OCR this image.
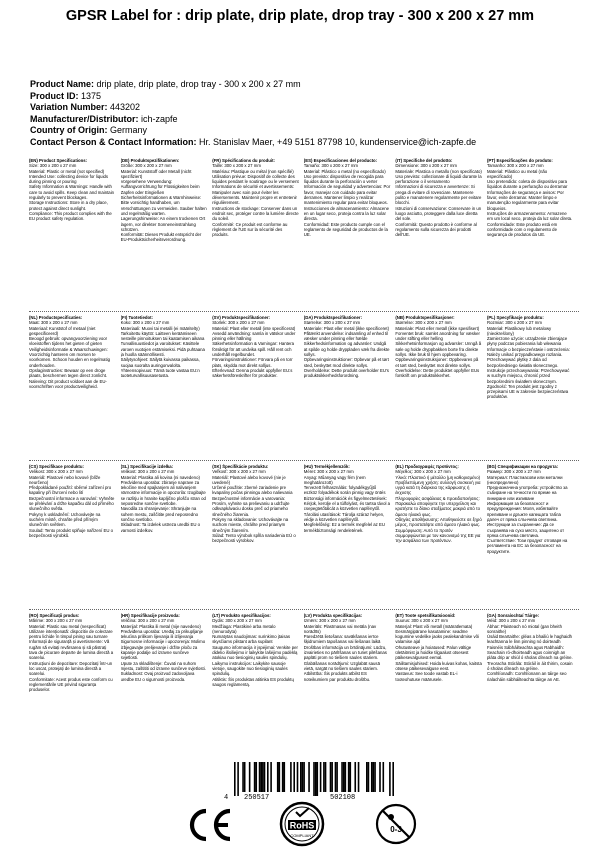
GPSR Label for : drip plate, drip plate, drop tray - 300 x 200 x 27 mm
Product Name: drip plate, drip plate, drop tray - 300 x 200 x 27 mm
Product ID: 1375
Variation Number: 443202
Manufacturer/Distributor: ich-zapfe
Country of Origin: Germany
Contact Person & Contact Information: Hr. Stanislav Maer, +49 5151 87798 10, kundenservice@ich-zapfe.de
(EN) Product Specifications:

Size: 300 x 200 x 27 mm
Material: Plastic or metal (not specified)
Intended Use: collecting device for liquids during pinning or pouring
Safety Information & Warnings: Handle with care to avoid spills. Keep clean and maintain regularly to prevent blockages.
Storage Instructions: Store in a dry place, protect against direct sunlight.
Compliance: This product complies with the EU product safety regulation.

(DE) Produktspezifikationen:

Größe: 300 x 200 x 27 mm
Material: Kunststoff oder Metall (nicht spezifiziert)
Vorgesehene Verwendung: Auffangvorrichtung für Flüssigkeiten beim Zapfen oder Eingießen
Sicherheitsinformationen & Warnhinweise: Bitte vorsichtig handhaben, um Verschüttungen zu vermeiden. Sauber halten und regelmäßig warten.
Lagerungshinweise: An einem trockenen Ort lagern, vor direkter Sonneneinstrahlung schützen.
Konformität: Dieses Produkt entspricht der EU-Produktsicherheitsverordnung.

(FR) Spécifications du produit:

Taille: 300 x 200 x 27 mm
Matériau: Plastique ou métal (non spécifié)
Utilisation prévue: Dispositif de collecte des liquides pendant le soutirage ou le versement
Informations de sécurité et avertissements: Manipuler avec soin pour éviter les déversements. Maintenir propre et entretenir régulièrement.
Instructions de stockage: Conserver dans un endroit sec, protéger contre la lumière directe du soleil.
Conformité: Ce produit est conforme au règlement de l'UE sur la sécurité des produits.

(ES) Especificaciones del producto:

Tamaño: 300 x 200 x 27 mm
Material: Plástico o metal (no especificado)
Uso previsto: dispositivo de recogida para líquidos durante la perforación o verter
Información de seguridad y advertencias: Por favor, manejar con cuidado para evitar derrames. Mantener limpio y realizar mantenimiento regular para evitar bloqueos.
Instrucciones de almacenamiento: Almacene en un lugar seco, proteja contra la luz solar directa.
Conformidad: Este producto cumple con el reglamento de seguridad de productos de la UE.

(IT) Specifiche del prodotto:

Dimensione: 300 x 200 x 27 mm
Materiale: Plastica o metallo (non specificato)
Uso previsto: collezionare di liquidi durante la perforazione o il versamento
Informazioni di sicurezza e avvertenze: Si prega di evitare di rovesciare. Mantenere pulito e manutenere regolarmente per evitare blocchi.
Istruzioni di conservazione: Conservare in un luogo asciutto, proteggere dalla luce diretta del sole.
Conformità: Questo prodotto è conforme al regolamento sulla sicurezza dei prodotti dell'UE.

(PT) Especificações do produto:

Tamanho: 300 x 200 x 27 mm
Material: Plástico ou metal (não especificado)
Uso pretendido: coleta de dispositivo para líquidos durante a perfuração ou derramar
Informações de segurança e avisos: Por favor, evite derramar. Manter limpo e manutenção regularmente para evitar bloqueios.
Instruções de armazenamento: Armazene em um local seco, proteja da luz solar direta.
Conformidade: Este produto está em conformidade com o regulamento de segurança de produtos da UE.

(NL) Productspecificaties:

Maat: 300 x 200 x 27 mm
Materiaal: Kunststof of metaal (niet gespecificeerd)
Beoogd gebruik: opvangvoorziening voor vloeistoffen tijdens het gieten of gieten
Veiligheidsinformatie & Waarschuwingen: Voorzichtig hanteren om morsen te voorkomen. Schoon houden en regelmatig onderhouden.
Opslaginstructies: Bewaar op een droge plaats, beschermen tegen direct zonlicht.
Naleving: Dit product voldoet aan de EU-voorschriften voor productveiligheid.

(FI) Tuotetiedot:

Koko: 300 x 200 x 27 mm
Materiaali: Muovi tai metalli (ei määritelty)
Tarkoitettu käyttö: Laitteen keräämiseen nesteille pinnoituksen tai kaatamisen aikana
Turvallisuustiedot ja varoitukset: Käsittele varoen vuotojen estämiseksi. Pidä puhtaana ja huolla säännöllisesti.
Säilytysohjeet: Säilytä kuivassa paikassa, suojaa suoralta auringonvalolta.
Yhteensopivuus: Tämä tuote vastaa EU:n tuoteturvallisuusasetusta.

(SV) Produktspecifikationer:

Storlek: 300 x 200 x 27 mm
Material: Plast eller metall (inte specificerat)
Avsedd användning: samla in vätskor under pinning eller hällning
Säkerhetsinformation & Varningar: Hantera försiktigt för att undvika spill. Håll rent och underhåll regelbundet.
Förvaringsinstruktioner: Förvara på en torr plats, skydda mot direkt solljus.
Efterlevnad: Denna produkt uppfyller EU:s säkerhetsföreskrifter för produkter.

(DA) Produktspecifikationer:

Størrelse: 300 x 200 x 27 mm
Materiale: Plast eller metal (ikke specificeret)
Påtænkt anvendelse: indsamling af enhed til væsker under pinning eller hælde
Sikkerhedsinformation og advarsler: Undgå at spilde og holde dryppladen væk fra direkte sollys.
Opbevaringsinstruktioner: Opbevar på et tørt sted, beskyttet mod direkte sollys.
Overholdelse: Dette produkt overholder EU's produktsikkerhedsforordning.

(NB) Produktspesifikasjoner:

Størrelse: 300 x 200 x 27 mm
Materiale: Plast eller metall (ikke spesifisert)
Forventet bruk: samlet anordning for væsker under stifting eller helling
Sikkerhetsinformasjon og advarsler: Unngå å søle og holde dryppbakken borte fra direkte sollys. Ikke bruk til hjem oppbevaring.
Oppbevaringsinstruksjoner: Oppbevares på et tørt sted, beskyttet mot direkte sollys.
Overholdelse: Dette produktet oppfyller EUs forskrift om produktsikkerhet.

(PL) Specyfikacje produktu:

Rozmiar: 300 x 200 x 27 mm
Materiał: Plastikowy lub metalowy (nieokreślony)
Zamierzone użycie: urządzenie zbierające płyny podczas pobierania lub wlewania
Informacje o bezpieczeństwie i ostrzeżenia: Należy unikać przypadkowego rozlania. Przechowywać płytkę z dala od bezpośredniego światła słonecznego. Instrukcje przechowywania: Przechowywać w suchym miejscu, chronić przed bezpośrednim światłem słonecznym.
Zgodność: Ten produkt jest zgodny z przepisami UE w zakresie bezpieczeństwa produktów.

(CS) Specifikace produktu:

Velikost: 300 x 200 x 27 mm
Materiál: Plastové nebo kovové (blíže neurčeno)
Předpokládané použití: sběrné zařízení pro kapaliny při čtvrcení nebo lití
Bezpečnostní informace a varování: Vyhněte se přelévání a držte kapačku dál od přímého slunečního světla.
Pokyny k uskladnění: Uchovávejte na suchém místě, chraňte před přímým slunečním světlem.
Soulad: Tento produkt splňuje nařízení EU o bezpečnosti výrobků.

(SL) Specifikacije izdelka:

Velikost: 300 x 200 x 27 mm
Material: Plastika ali kovina (ni navedeno)
Predvidena uporaba: zbiranje naprave za tekočine med spajkanjem ali nalivanjem
Varnostne informacije in opozorila: Izogibajte se razlitju in hranite kapljično ploščo stran od neposredne sončne svetlobe.
Navodila za shranjevanje: Shranjujte na suhem mestu, zaščitite pred neposredno sončno svetlobo.
Skladnost: Ta izdelek ustreza uredbi EU o varnosti izdelkov.

(SK) Špecifikácie produktu:

Veľkosť: 300 x 200 x 27 mm
Materiál: Plastové alebo kovové (nie je uvedené)
Určené použitie: zberné zariadenie pre kvapaliny počas pinningu alebo nalievania
Bezpečnostné informácie a varovania: Prosím, vyhnite sa prelievaniu a udržujte odkvapkávaciu dosku preč od priameho slnečného žiarenia.
Pokyny na skladovanie: Uchovávajte na suchom mieste, chráňte pred priamym slnečným žiarením.
Súlad: Tento výrobok spĺňa nariadenia EÚ o bezpečnosti výrobkov.

(HU) Termékjellemzők:

Méret: 300 x 200 x 27 mm
Anyag: Műanyag vagy fém (nem meghatározott)
Tervezett felhasználás: folyadékgyűjtő eszköz folyadékok során pinnig vagy öntés
Biztonsági információk és figyelmeztetések: Kérjük, kerülje el a túlfolyást, és tartsa távol a csepegtetőtálcát a közvetlen napfénytől.
Tárolási utasítások: Tárolja száraz helyen, védje a közvetlen napfénytől.
Megfelelőség: Ez a termék megfelel az EU termékbiztonsági rendeletének.

(EL) Προδιαγραφές προϊόντος:

Μέγεθος: 300 x 200 x 27 mm
Υλικό: Πλαστικό ή μέταλλο (μη καθορισμένο)
Προβλεπόμενη χρήση: συλλογή συσκευή για υγρά κατά τη διάρκεια της κάρφωσης ή έκχυσης
Πληροφορίες ασφάλειας & προειδοποιήσεις: Παρακαλώ αποφύγετε την υπερχείλιση και κρατήστε το δίσκο σταξίματος μακριά από το άμεσο ηλιακό φως.
Οδηγίες αποθήκευσης: Αποθηκεύστε σε ξηρό μέρος, προστατέψτε από άμεσο ηλιακό φως.
Συμμόρφωση: Αυτό το προϊόν συμμορφώνεται με τον κανονισμό της ΕΕ για την ασφάλεια των προϊόντων.

(BG) Спецификации на продукта:

Размер: 300 x 200 x 27 mm
Материал: Пластмасови или метални (неопределено)
Предназначена употреба: устройство за събиране на течности по време на пиниране или изливане
Информация за безопасност и предупреждения: Моля, избягвайте преливане и дръжте капещата табла далеч от пряка слънчева светлина.
Инструкции за съхранение: Да се съхранява на сухо място, защитено от пряка слънчева светлина.
Съответствие: Този продукт отговаря на регламента на ЕС за безопасност на продуктите.

(RO) Specificații produs:

Mărime: 300 x 200 x 27 mm
Material: Plastic sau metal (nespecificat)
Utilizare intenționată: dispozitiv de colectare pentru lichide în timpul pining sau turnare
Informații de siguranță și avertismente: Vă rugăm să evitați revărsarea și să păstrați tava de picurare departe de lumina directă a soarelui.
Instrucțiuni de depozitare: Depozitați într-un loc uscat, protejați de lumina directă a soarelui.
Conformitate: Acest produs este conform cu reglementările UE privind siguranța produselor.

(HR) Specifikacije proizvoda:

Veličina: 300 x 200 x 27 mm
Materijal: Plastika ili metal (nije navedeno)
Predviđena uporaba: Uređaj za prikupljanje tekućina prilikom lijevanja ili izlijevanja
Sigurnosne informacije i upozorenja: Molimo izbjegavajte prelijevanje i držite ploču za kapanje podalje od izravne sunčeve svjetlosti.
Upute za skladištenje: Čuvati na suhom mjestu, zaštititi od izravne sunčeve svjetlosti.
Sukladnost: Ovaj proizvod zadovoljava uredbe EU o sigurnosti proizvoda.

(LT) Produkto specifikacijos:

Dydis: 300 x 200 x 27 mm
Medžiaga: Plastikinė arba metalo (nenurodyta)
Numatytas naudojimas: surinkimo įtaisas skysčiams pilstant arba supilant
Saugumo informacija ir įspėjimai: Venkite per didelio išsiliejimo ir laikykite lašėjimo padėklą atokiau nuo tiesioginių saulės spindulių.
Laikymo instrukcijos: Laikykite sausoje vietoje, saugokite nuo tiesioginių saulės spindulių.
Atitiktis: Šis produktas atitinka ES produktų saugos reglamentą.

(LV) Produkta specifikācijas:

Izmērs: 300 x 200 x 27 mm
Materiāls: Plastmasas vai metāla (nav norādīts)
Paredzētā lietošana: savākšanas ierīce šķidrumiem tapošanas vai liešanas laikā
Drošības informācija un brīdinājumi: Lūdzu, izvairieties no pārlīšanas un turiet pilēšanas paplāti prom no tiešiem saules stariem.
Glabāšanas norādījumi: Uzglabāt sausā vietā, sargāt no tiešiem saules stariem.
Atbilstība: Šis produkts atbilst ES noteikumiem par produktu drošību.

(ET) Toote spetsifikatsioonid:

Suurus: 300 x 200 x 27 mm
Materjal: Plast või metall (määratlemata)
Eesmärgipärane kasutamine: seadme kogumine vedelike jaoks pealekandmise või valamise ajal
Ohutusteave ja hoiatused: Palun vältige ületäitmist ja hoidke tilgaalust otsesest päikesevalgusest eemal.
Säilitamisjuhised: Hoida kuivas kohas, kaitsta otsese päikesevalguse eest.
Vastavus: See toode vastab EL-i tooteohutuse määrusele.

(GA) Sonraíochtaí Táirge:

Méid: 300 x 200 x 27 mm
Ábhar: Plaisteach nó miotal (gan bheith sonraithe)
Úsáid Beartaithe: gléas a bhailiú le haghaidh leachtanna le linn pinning nó doirteadh
Faisnéis Sábháilteachta agus Rabhaidh: Seachain ró-dhoirteadh agus coinnigh an pláta drip ar shiúl ó sholas díreach na gréine.
Treoracha Stórála: Stóráil in áit thirim, cosain ó sholas díreach na gréine.
Comhlíonadh: Comhlíonann an táirge seo rialacháin sábháilteachta táirge an AE.

4 250517	502108
RoHS
COMPLIANT
0-3
